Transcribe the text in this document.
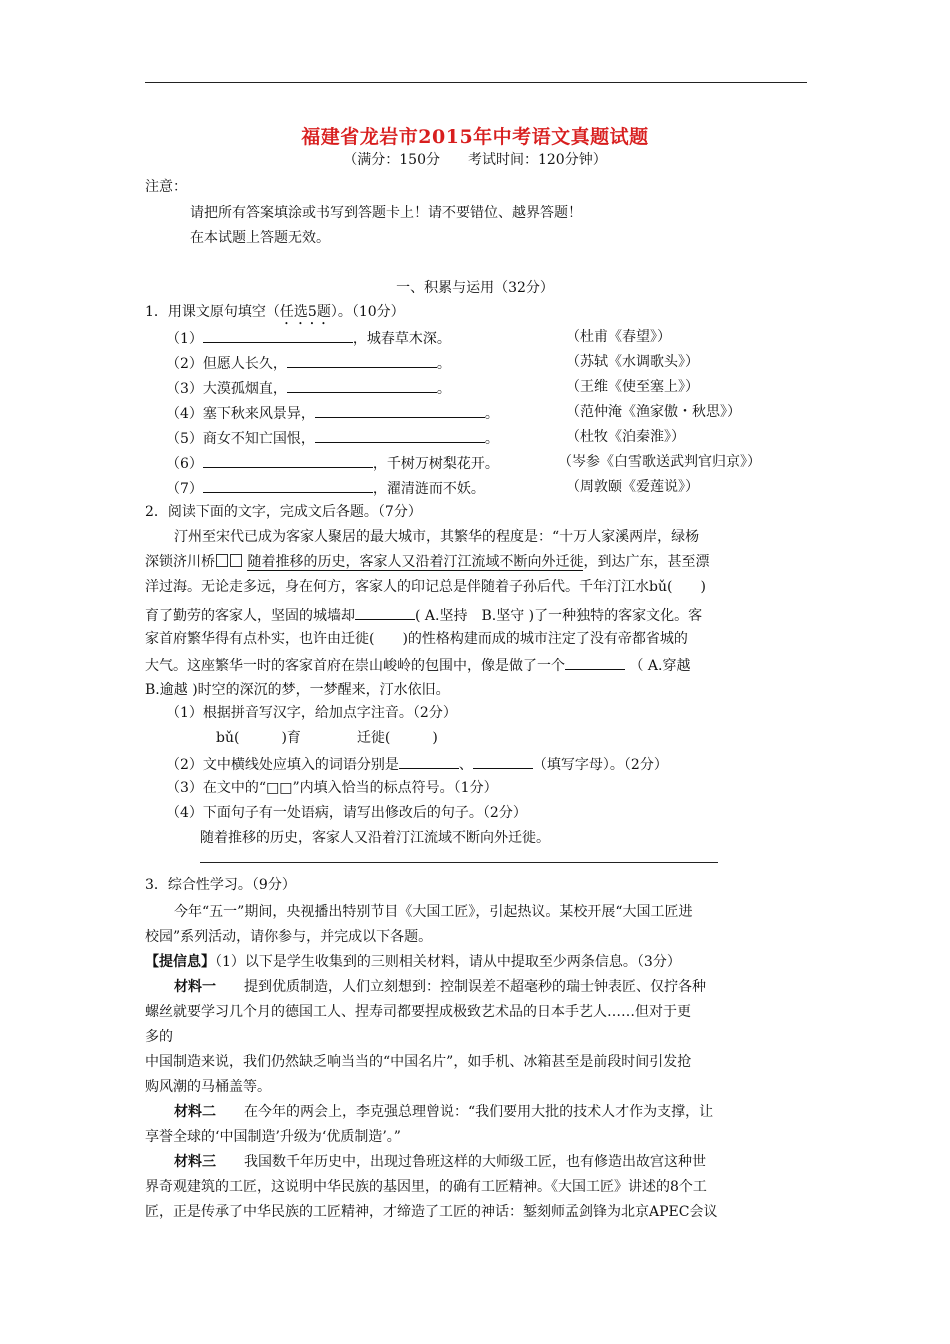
福建省龙岩市2015年中考语文真题试题
（满分：150分　　考试时间：120分钟）
注意：
请把所有答案填涂或书写到答题卡上！请不要错位、越界答题！
在本试题上答题无效。
一、积累与运用（32分）
1．用课文原句填空（任选5题）。（10分）
（1）	，城春草木深。	（杜甫《春望》）
（2）但愿人长久，	。	（苏轼《水调歌头》）
（3）大漠孤烟直，	。	（王维《使至塞上》）
（4）塞下秋来风景异，	。	（范仲淹《渔家傲・秋思》）
（5）商女不知亡国恨，	。	（杜牧《泊秦淮》）
（6）	，千树万树梨花开。	（岑参《白雪歌送武判官归京》）
（7）	，濯清涟而不妖。	（周敦颐《爱莲说》）
2．阅读下面的文字，完成文后各题。（7分）
汀州至宋代已成为客家人聚居的最大城市，其繁华的程度是：“十万人家溪两岸，绿杨
深锁济川桥 随着推移的历史，客家人又沿着汀江流域不断向外迁徙，到达广东，甚至漂
洋过海。无论走多远，身在何方，客家人的印记总是伴随着子孙后代。千年汀江水bǔ(　　)
育了勤劳的客家人，坚固的城墙却	( A.坚持　B.坚守 )了一种独特的客家文化。客
家首府繁华得有点朴实，也许由迁徙(　　)的性格构建而成的城市注定了没有帝都省城的
大气。这座繁华一时的客家首府在崇山峻岭的包围中，像是做了一个	（ A.穿越
B.逾越 )时空的深沉的梦，一梦醒来，汀水依旧。
（1）根据拼音写汉字，给加点字注音。（2分）
bǔ(　　　)育　　　　迁徙(　　　)
（2）文中横线处应填入的词语分别是	、	（填写字母）。（2分）
（3）在文中的“□□”内填入恰当的标点符号。（1分）
（4）下面句子有一处语病，请写出修改后的句子。（2分）
随着推移的历史，客家人又沿着汀江流域不断向外迁徙。
3．综合性学习。（9分）
今年“五一”期间，央视播出特别节目《大国工匠》，引起热议。某校开展“大国工匠进
校园”系列活动，请你参与，并完成以下各题。
【提信息】（1）以下是学生收集到的三则相关材料，请从中提取至少两条信息。（3分）
材料一　　 提到优质制造，人们立刻想到：控制误差不超毫秒的瑞士钟表匠、仅拧各种
螺丝就要学习几个月的德国工人、捏寿司都要捏成极致艺术品的日本手艺人……但对于更
多的
中国制造来说，我们仍然缺乏响当当的“中国名片”，如手机、冰箱甚至是前段时间引发抢
购风潮的马桶盖等。
材料二　　 在今年的两会上，李克强总理曾说：“我们要用大批的技术人才作为支撑，让
享誉全球的‘中国制造’升级为‘优质制造’。”
材料三　　 我国数千年历史中，出现过鲁班这样的大师级工匠，也有修造出故宫这种世
界奇观建筑的工匠，这说明中华民族的基因里，的确有工匠精神。《大国工匠》讲述的8个工
匠，正是传承了中华民族的工匠精神，才缔造了工匠的神话：錾刻师孟剑锋为北京APEC会议
